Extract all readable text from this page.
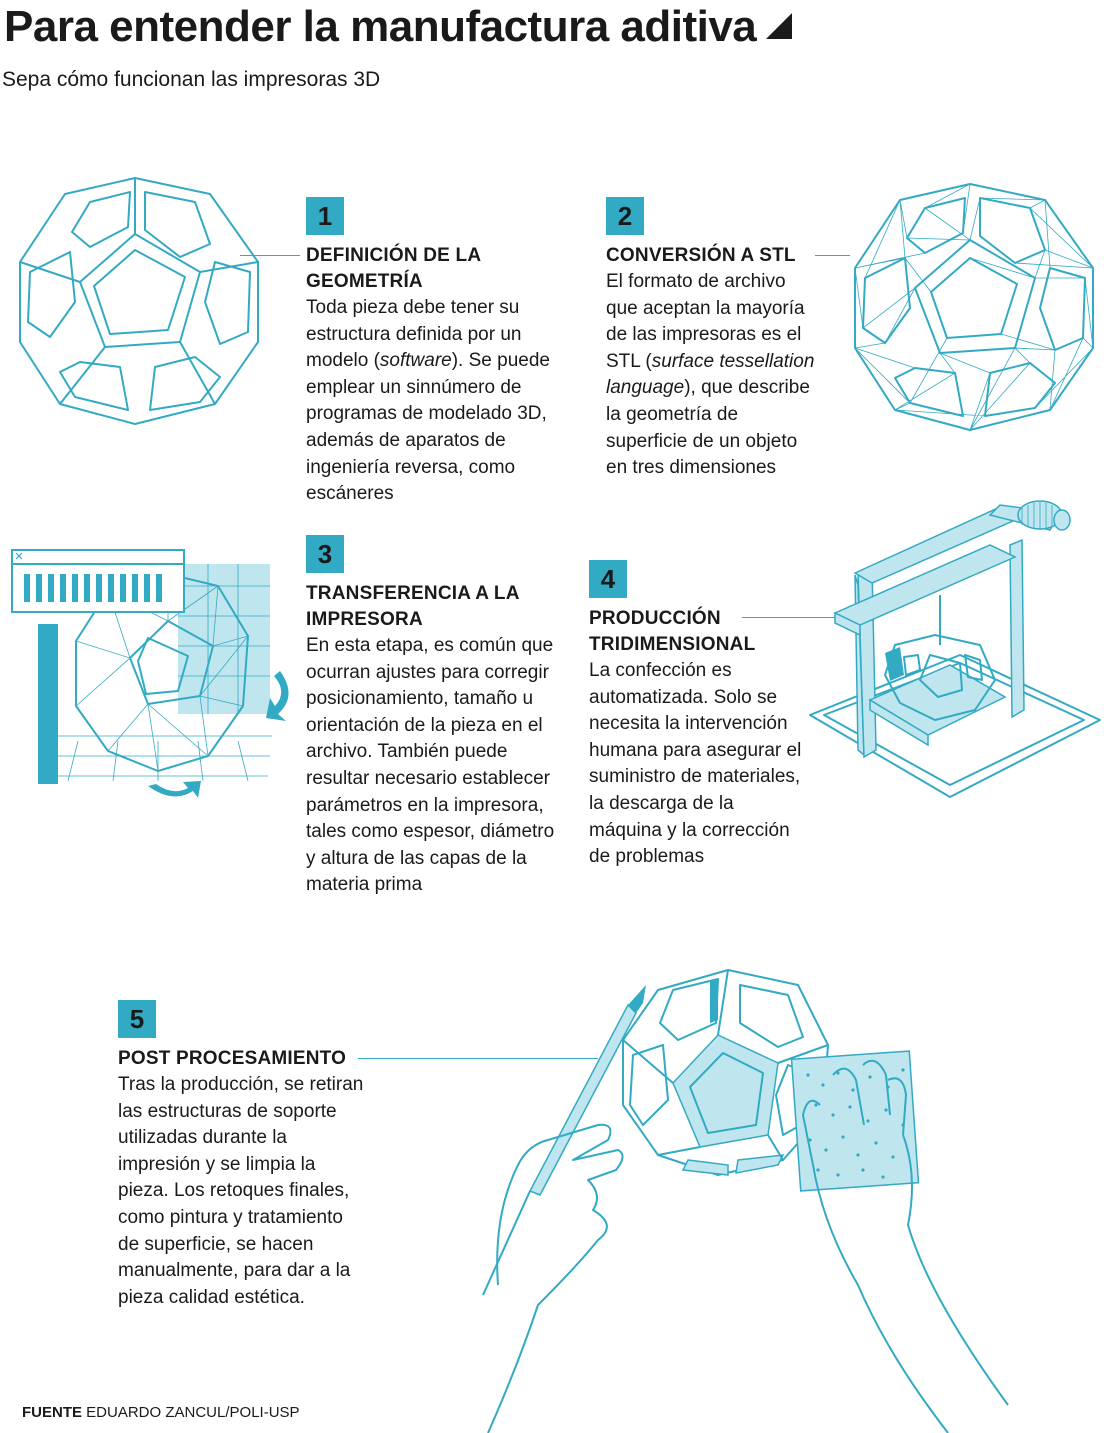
Para entender la manufactura aditiva
Sepa cómo funcionan las impresoras 3D
1
DEFINICIÓN DE LA GEOMETRÍA

Toda pieza debe tener su estructura definida por un modelo (software). Se puede emplear un sinnúmero de programas de modelado 3D, además de aparatos de ingeniería reversa, como escáneres

2
CONVERSIÓN A STL

El formato de archivo que aceptan la mayoría de las impresoras es el STL (surface tessellation language), que describe la geometría de superficie de un objeto en tres dimensiones

3
TRANSFERENCIA A LA IMPRESORA

En esta etapa, es común que ocurran ajustes para corregir posicionamiento, tamaño u orientación de la pieza en el archivo. También puede resultar necesario establecer parámetros en la impresora, tales como espesor, diámetro y altura de las capas de la materia prima

4
PRODUCCIÓN TRIDIMENSIONAL

La confección es automatizada. Solo se necesita la intervención humana para asegurar el suministro de materiales, la descarga de la máquina y la corrección de problemas

5
POST PROCESAMIENTO

Tras la producción, se retiran las estructuras de soporte utilizadas durante la impresión y se limpia la pieza. Los retoques finales, como pintura y tratamiento de superficie, se hacen manualmente, para dar a la pieza calidad estética.

FUENTE EDUARDO ZANCUL/POLI-USP
